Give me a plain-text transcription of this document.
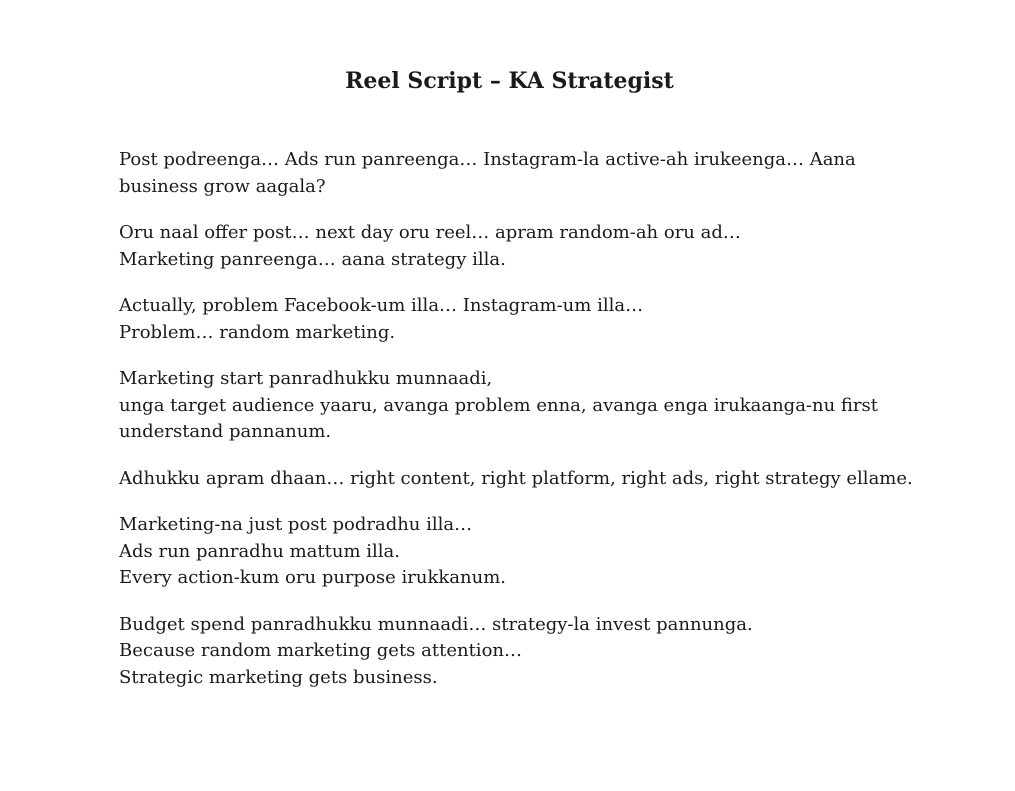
Reel Script – KA Strategist

Post podreenga… Ads run panreenga… Instagram-la active-ah irukeenga… Aana
business grow aagala?

Oru naal offer post… next day oru reel… apram random-ah oru ad…
Marketing panreenga… aana strategy illa.

Actually, problem Facebook-um illa… Instagram-um illa…
Problem… random marketing.

Marketing start panradhukku munnaadi,
unga target audience yaaru, avanga problem enna, avanga enga irukaanga-nu first
understand pannanum.

Adhukku apram dhaan… right content, right platform, right ads, right strategy ellame.

Marketing-na just post podradhu illa…
Ads run panradhu mattum illa.
Every action-kum oru purpose irukkanum.

Budget spend panradhukku munnaadi… strategy-la invest pannunga.
Because random marketing gets attention…
Strategic marketing gets business.
